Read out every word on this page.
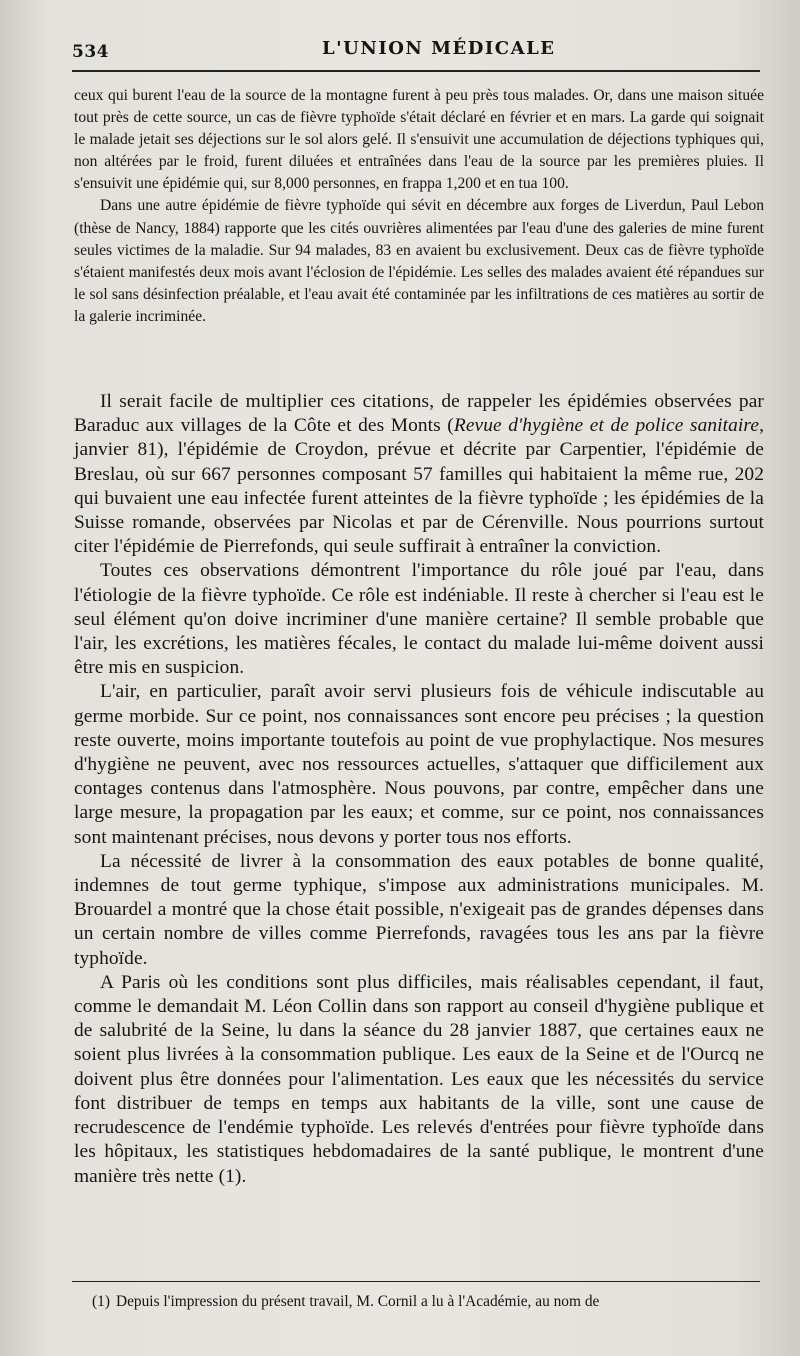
534	L'UNION MÉDICALE

ceux qui burent l'eau de la source de la montagne furent à peu près tous malades. Or, dans une maison située tout près de cette source, un cas de fièvre typhoïde s'était déclaré en février et en mars. La garde qui soignait le malade jetait ses déjections sur le sol alors gelé. Il s'ensuivit une accumulation de déjections typhiques qui, non altérées par le froid, furent diluées et entraînées dans l'eau de la source par les premières pluies. Il s'ensuivit une épidémie qui, sur 8,000 personnes, en frappa 1,200 et en tua 100.

Dans une autre épidémie de fièvre typhoïde qui sévit en décembre aux forges de Liverdun, Paul Lebon (thèse de Nancy, 1884) rapporte que les cités ouvrières alimentées par l'eau d'une des galeries de mine furent seules victimes de la maladie. Sur 94 malades, 83 en avaient bu exclusivement. Deux cas de fièvre typhoïde s'étaient manifestés deux mois avant l'éclosion de l'épidémie. Les selles des malades avaient été répandues sur le sol sans désinfection préalable, et l'eau avait été contaminée par les infiltrations de ces matières au sortir de la galerie incriminée.

Il serait facile de multiplier ces citations, de rappeler les épidémies observées par Baraduc aux villages de la Côte et des Monts (Revue d'hygiène et de police sanitaire, janvier 81), l'épidémie de Croydon, prévue et décrite par Carpentier, l'épidémie de Breslau, où sur 667 personnes composant 57 familles qui habitaient la même rue, 202 qui buvaient une eau infectée furent atteintes de la fièvre typhoïde ; les épidémies de la Suisse romande, observées par Nicolas et par de Cérenville. Nous pourrions surtout citer l'épidémie de Pierrefonds, qui seule suffirait à entraîner la conviction.

Toutes ces observations démontrent l'importance du rôle joué par l'eau, dans l'étiologie de la fièvre typhoïde. Ce rôle est indéniable. Il reste à chercher si l'eau est le seul élément qu'on doive incriminer d'une manière certaine? Il semble probable que l'air, les excrétions, les matières fécales, le contact du malade lui-même doivent aussi être mis en suspicion.

L'air, en particulier, paraît avoir servi plusieurs fois de véhicule indiscutable au germe morbide. Sur ce point, nos connaissances sont encore peu précises ; la question reste ouverte, moins importante toutefois au point de vue prophylactique. Nos mesures d'hygiène ne peuvent, avec nos ressources actuelles, s'attaquer que difficilement aux contages contenus dans l'atmosphère. Nous pouvons, par contre, empêcher dans une large mesure, la propagation par les eaux; et comme, sur ce point, nos connaissances sont maintenant précises, nous devons y porter tous nos efforts.

La nécessité de livrer à la consommation des eaux potables de bonne qualité, indemnes de tout germe typhique, s'impose aux administrations municipales. M. Brouardel a montré que la chose était possible, n'exigeait pas de grandes dépenses dans un certain nombre de villes comme Pierrefonds, ravagées tous les ans par la fièvre typhoïde.

A Paris où les conditions sont plus difficiles, mais réalisables cependant, il faut, comme le demandait M. Léon Collin dans son rapport au conseil d'hygiène publique et de salubrité de la Seine, lu dans la séance du 28 janvier 1887, que certaines eaux ne soient plus livrées à la consommation publique. Les eaux de la Seine et de l'Ourcq ne doivent plus être données pour l'alimentation. Les eaux que les nécessités du service font distribuer de temps en temps aux habitants de la ville, sont une cause de recrudescence de l'endémie typhoïde. Les relevés d'entrées pour fièvre typhoïde dans les hôpitaux, les statistiques hebdomadaires de la santé publique, le montrent d'une manière très nette (1).

(1) Depuis l'impression du présent travail, M. Cornil a lu à l'Académie, au nom de
